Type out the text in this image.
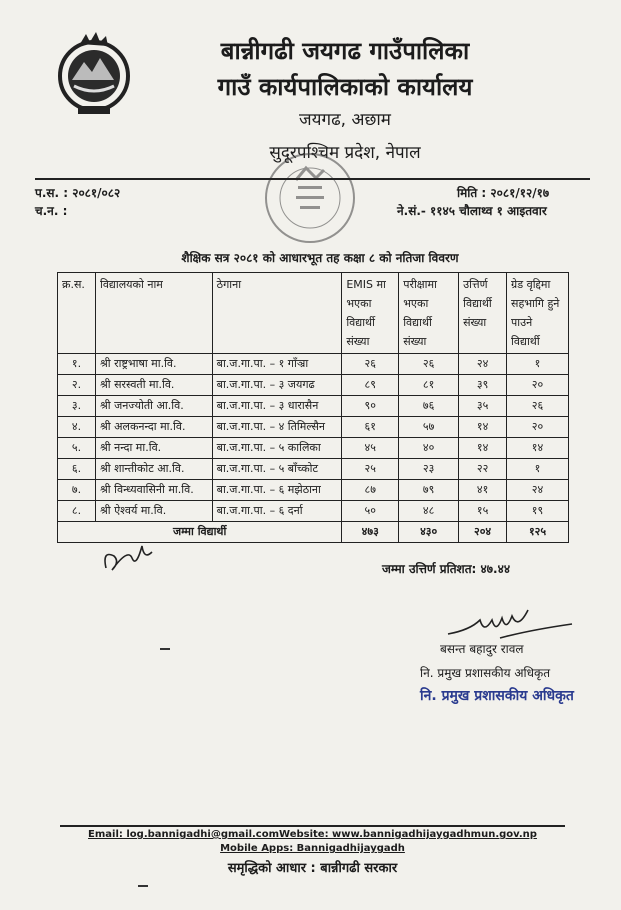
बान्नीगढी जयगढ गाउँपालिका
गाउँ कार्यपालिकाको कार्यालय
जयगढ, अछाम
सुदूरपश्चिम प्रदेश, नेपाल
प.स. : २०८१/०८२
च.न. :
मिति : २०८१/१२/१७
ने.सं.- ११४५ चौलाथ्व १ आइतवार
शैक्षिक सत्र २०८१ को आधारभूत तह कक्षा ८ को नतिजा विवरण
क्र.स.	विद्यालयको नाम	ठेगाना	EMIS मा भएका विद्यार्थी संख्या	परीक्षामा भएका विद्यार्थी संख्या	उत्तिर्ण विद्यार्थी संख्या	ग्रेड वृद्दिमा सहभागि हुने पाउने विद्यार्थी
१.	श्री राष्ट्रभाषा मा.वि.	बा.ज.गा.पा. – १ गाँञ्रा	२६	२६	२४	१
२.	श्री सरस्वती मा.वि.	बा.ज.गा.पा. – ३ जयगढ	८९	८१	३९	२०
३.	श्री जनज्योती आ.वि.	बा.ज.गा.पा. – ३ धारासैन	९०	७६	३५	२६
४.	श्री अलकनन्दा मा.वि.	बा.ज.गा.पा. – ४ तिमिल्सैन	६१	५७	१४	२०
५.	श्री नन्दा मा.वि.	बा.ज.गा.पा. – ५ कालिका	४५	४०	१४	१४
६.	श्री शान्तीकोट आ.वि.	बा.ज.गा.पा. – ५ बाँच्कोट	२५	२३	२२	१
७.	श्री विन्ध्यवासिनी मा.वि.	बा.ज.गा.पा. – ६ मझेठाना	८७	७९	४१	२४
८.	श्री ऐश्वर्य मा.वि.	बा.ज.गा.पा. – ६ दर्ना	५०	४८	१५	१९
जम्मा विद्यार्थी			४७३	४३०	२०४	१२५
जम्मा उत्तिर्ण प्रतिशत: ४७.४४
बसन्त बहादुर रावल
नि. प्रमुख प्रशासकीय अधिकृत
नि. प्रमुख प्रशासकीय अधिकृत
Email: log.bannigadhi@gmail.comWebsite: www.bannigadhijaygadhmun.gov.np
Mobile Apps: Bannigadhijaygadh
समृद्धिको आधार : बान्नीगढी सरकार
